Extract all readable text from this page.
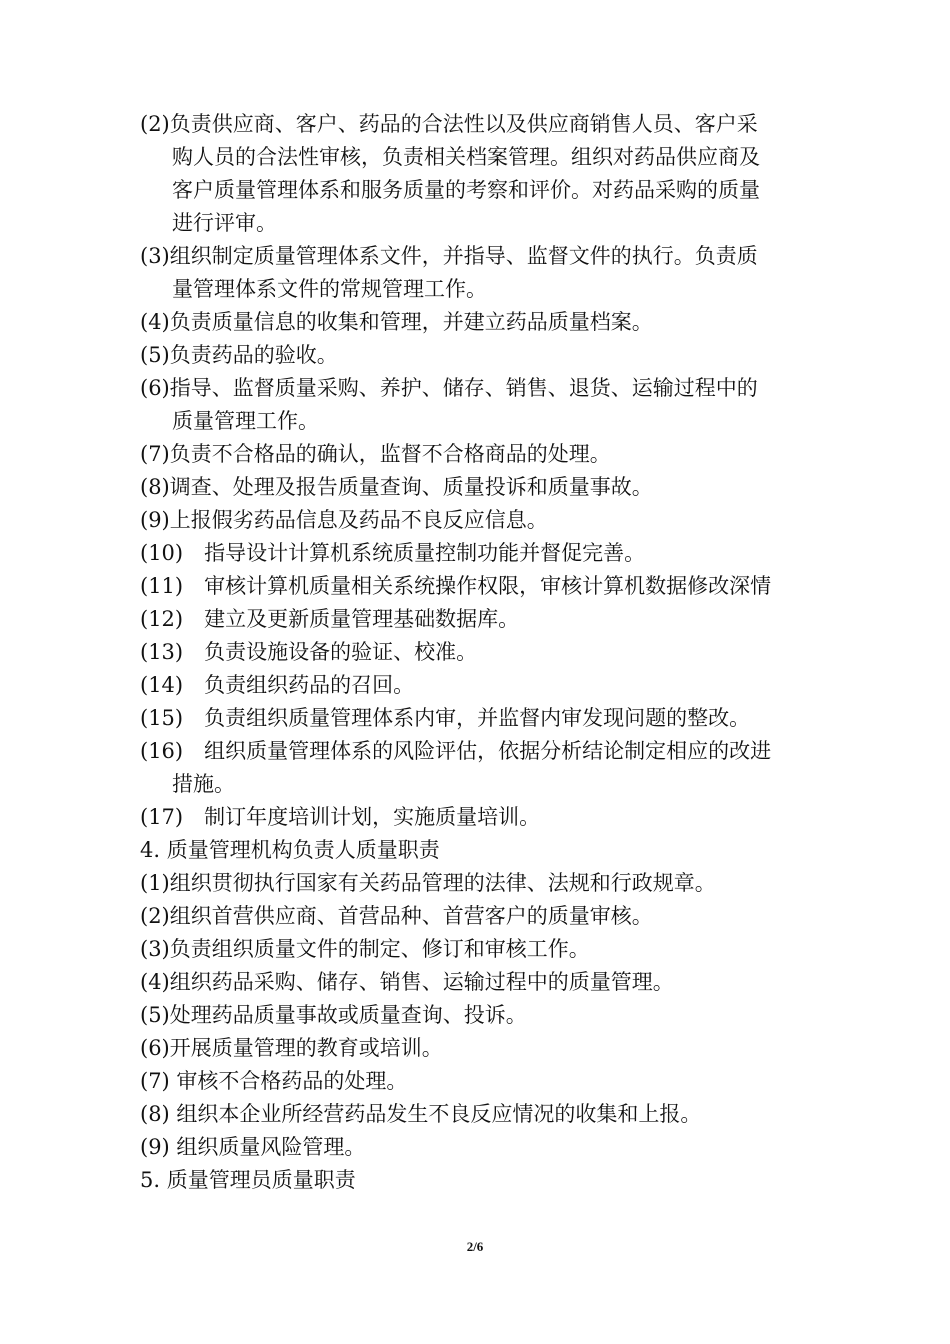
(2)负责供应商、客户、药品的合法性以及供应商销售人员、客户采
购人员的合法性审核，负责相关档案管理。组织对药品供应商及
客户质量管理体系和服务质量的考察和评价。对药品采购的质量
进行评审。
(3)组织制定质量管理体系文件，并指导、监督文件的执行。负责质
量管理体系文件的常规管理工作。
(4)负责质量信息的收集和管理，并建立药品质量档案。
(5)负责药品的验收。
(6)指导、监督质量采购、养护、储存、销售、退货、运输过程中的
质量管理工作。
(7)负责不合格品的确认，监督不合格商品的处理。
(8)调查、处理及报告质量查询、质量投诉和质量事故。
(9)上报假劣药品信息及药品不良反应信息。
(10)　指导设计计算机系统质量控制功能并督促完善。
(11)　审核计算机质量相关系统操作权限，审核计算机数据修改深情
(12)　建立及更新质量管理基础数据库。
(13)　负责设施设备的验证、校准。
(14)　负责组织药品的召回。
(15)　负责组织质量管理体系内审，并监督内审发现问题的整改。
(16)　组织质量管理体系的风险评估，依据分析结论制定相应的改进
措施。
(17)　制订年度培训计划，实施质量培训。
4. 质量管理机构负责人质量职责
(1)组织贯彻执行国家有关药品管理的法律、法规和行政规章。
(2)组织首营供应商、首营品种、首营客户的质量审核。
(3)负责组织质量文件的制定、修订和审核工作。
(4)组织药品采购、储存、销售、运输过程中的质量管理。
(5)处理药品质量事故或质量查询、投诉。
(6)开展质量管理的教育或培训。
(7) 审核不合格药品的处理。
(8) 组织本企业所经营药品发生不良反应情况的收集和上报。
(9) 组织质量风险管理。
5. 质量管理员质量职责
2/6
